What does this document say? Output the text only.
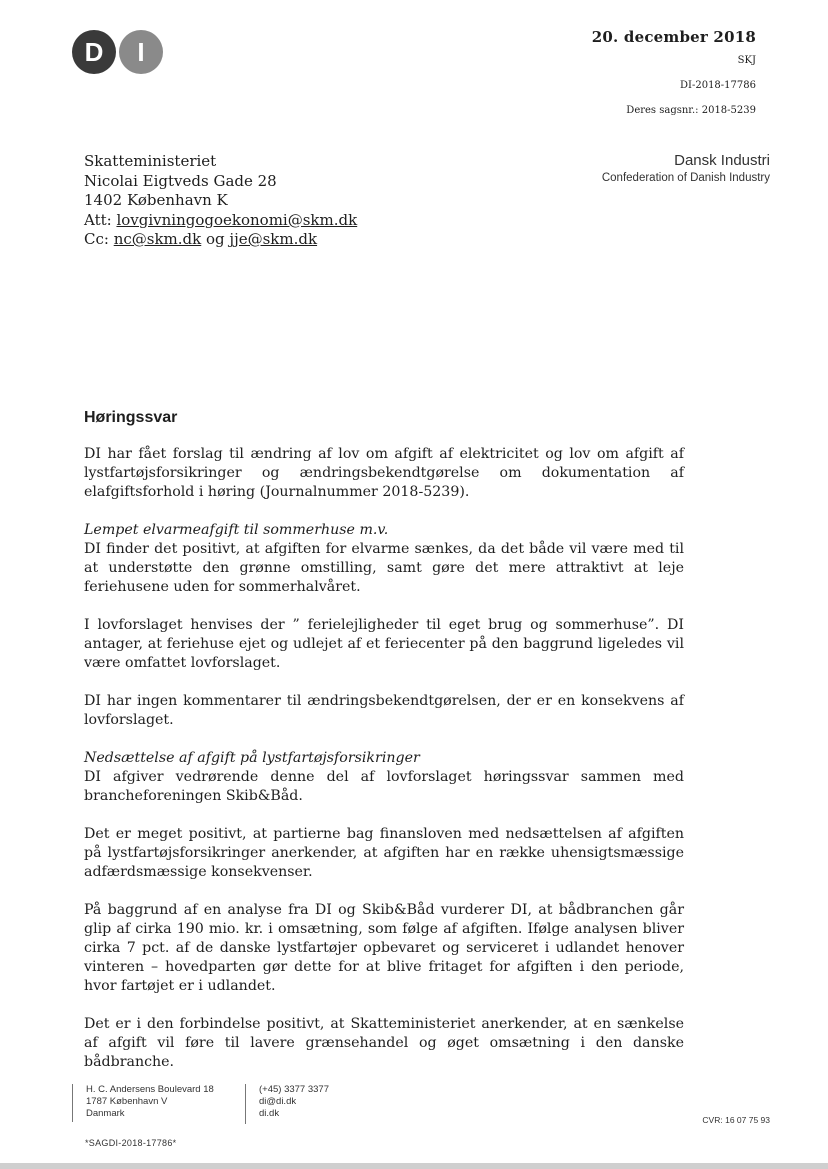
D	I	20. december 2018
SKJ
DI-2018-17786
Deres sagsnr.: 2018-5239
Skatteministeriet
Nicolai Eigtveds Gade 28
1402 København K
Att: lovgivningogoekonomi@skm.dk
Cc: nc@skm.dk og jje@skm.dk
Dansk Industri
Confederation of Danish Industry
Høringssvar

DI har fået forslag til ændring af lov om afgift af elektricitet og lov om afgift af lystfartøjsforsikringer og ændringsbekendtgørelse om dokumentation af elafgiftsforhold i høring (Journalnummer 2018-5239).

Lempet elvarmeafgift til sommerhuse m.v.
DI finder det positivt, at afgiften for elvarme sænkes, da det både vil være med til at understøtte den grønne omstilling, samt gøre det mere attraktivt at leje feriehusene uden for sommerhalvåret.

I lovforslaget henvises der ” ferielejligheder til eget brug og sommerhuse”. DI antager, at feriehuse ejet og udlejet af et feriecenter på den baggrund ligeledes vil være omfattet lovforslaget.

DI har ingen kommentarer til ændringsbekendtgørelsen, der er en konsekvens af lovforslaget.

Nedsættelse af afgift på lystfartøjsforsikringer
DI afgiver vedrørende denne del af lovforslaget høringssvar sammen med brancheforeningen Skib&Båd.

Det er meget positivt, at partierne bag finansloven med nedsættelsen af afgiften på lystfartøjsforsikringer anerkender, at afgiften har en række uhensigtsmæssige adfærdsmæssige konsekvenser.

På baggrund af en analyse fra DI og Skib&Båd vurderer DI, at bådbranchen går glip af cirka 190 mio. kr. i omsætning, som følge af afgiften. Ifølge analysen bliver cirka 7 pct. af de danske lystfartøjer opbevaret og serviceret i udlandet henover vinteren – hovedparten gør dette for at blive fritaget for afgiften i den periode, hvor fartøjet er i udlandet.

Det er i den forbindelse positivt, at Skatteministeriet anerkender, at en sænkelse af afgift vil føre til lavere grænsehandel og øget omsætning i den danske bådbranche.

H. C. Andersens Boulevard 18
1787 København V
Danmark
(+45) 3377 3377
di@di.dk
di.dk
CVR: 16 07 75 93
*SAGDI-2018-17786*
